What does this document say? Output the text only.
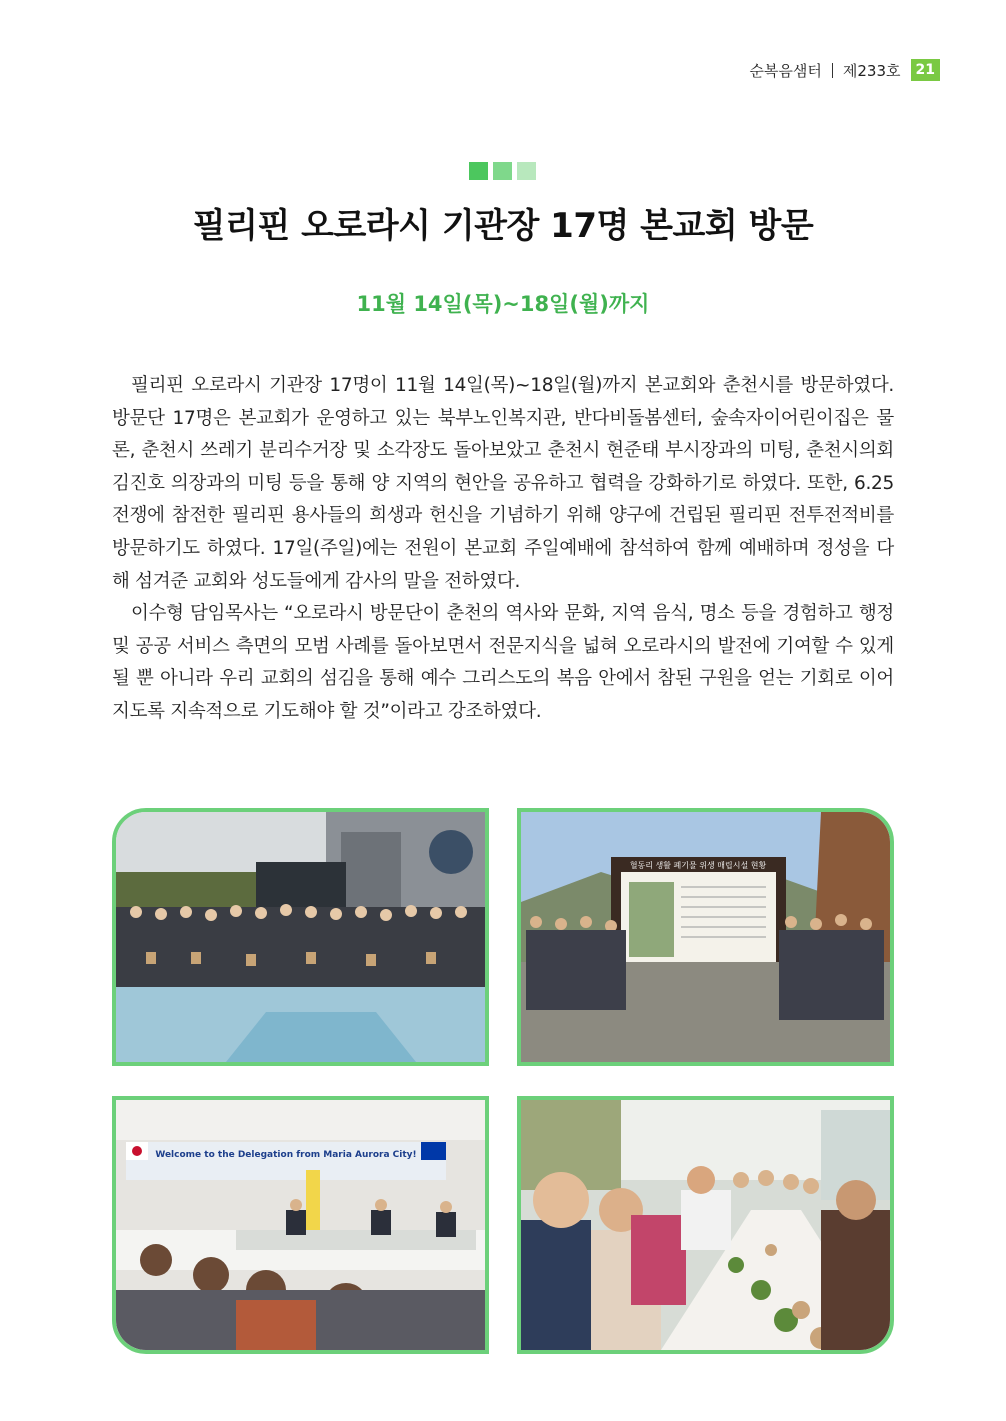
순복음샘터 제233호	21
필리핀 오로라시 기관장 17명 본교회 방문
11월 14일(목)~18일(월)까지

필리핀 오로라시 기관장 17명이 11월 14일(목)~18일(월)까지 본교회와 춘천시를 방문하였다. 방문단 17명은 본교회가 운영하고 있는 북부노인복지관, 반다비돌봄센터, 숲속자이어린이집은 물론, 춘천시 쓰레기 분리수거장 및 소각장도 돌아보았고 춘천시 현준태 부시장과의 미팅, 춘천시의회 김진호 의장과의 미팅 등을 통해 양 지역의 현안을 공유하고 협력을 강화하기로 하였다. 또한, 6.25 전쟁에 참전한 필리핀 용사들의 희생과 헌신을 기념하기 위해 양구에 건립된 필리핀 전투전적비를 방문하기도 하였다. 17일(주일)에는 전원이 본교회 주일예배에 참석하여 함께 예배하며 정성을 다해 섬겨준 교회와 성도들에게 감사의 말을 전하였다.

이수형 담임목사는 “오로라시 방문단이 춘천의 역사와 문화, 지역 음식, 명소 등을 경험하고 행정 및 공공 서비스 측면의 모범 사례를 돌아보면서 전문지식을 넓혀 오로라시의 발전에 기여할 수 있게 될 뿐 아니라 우리 교회의 섬김을 통해 예수 그리스도의 복음 안에서 참된 구원을 얻는 기회로 이어지도록 지속적으로 기도해야 할 것”이라고 강조하였다.

혈동리 생활 폐기물 위생 매립시설 현황
Welcome to the Delegation from Maria Aurora City!
